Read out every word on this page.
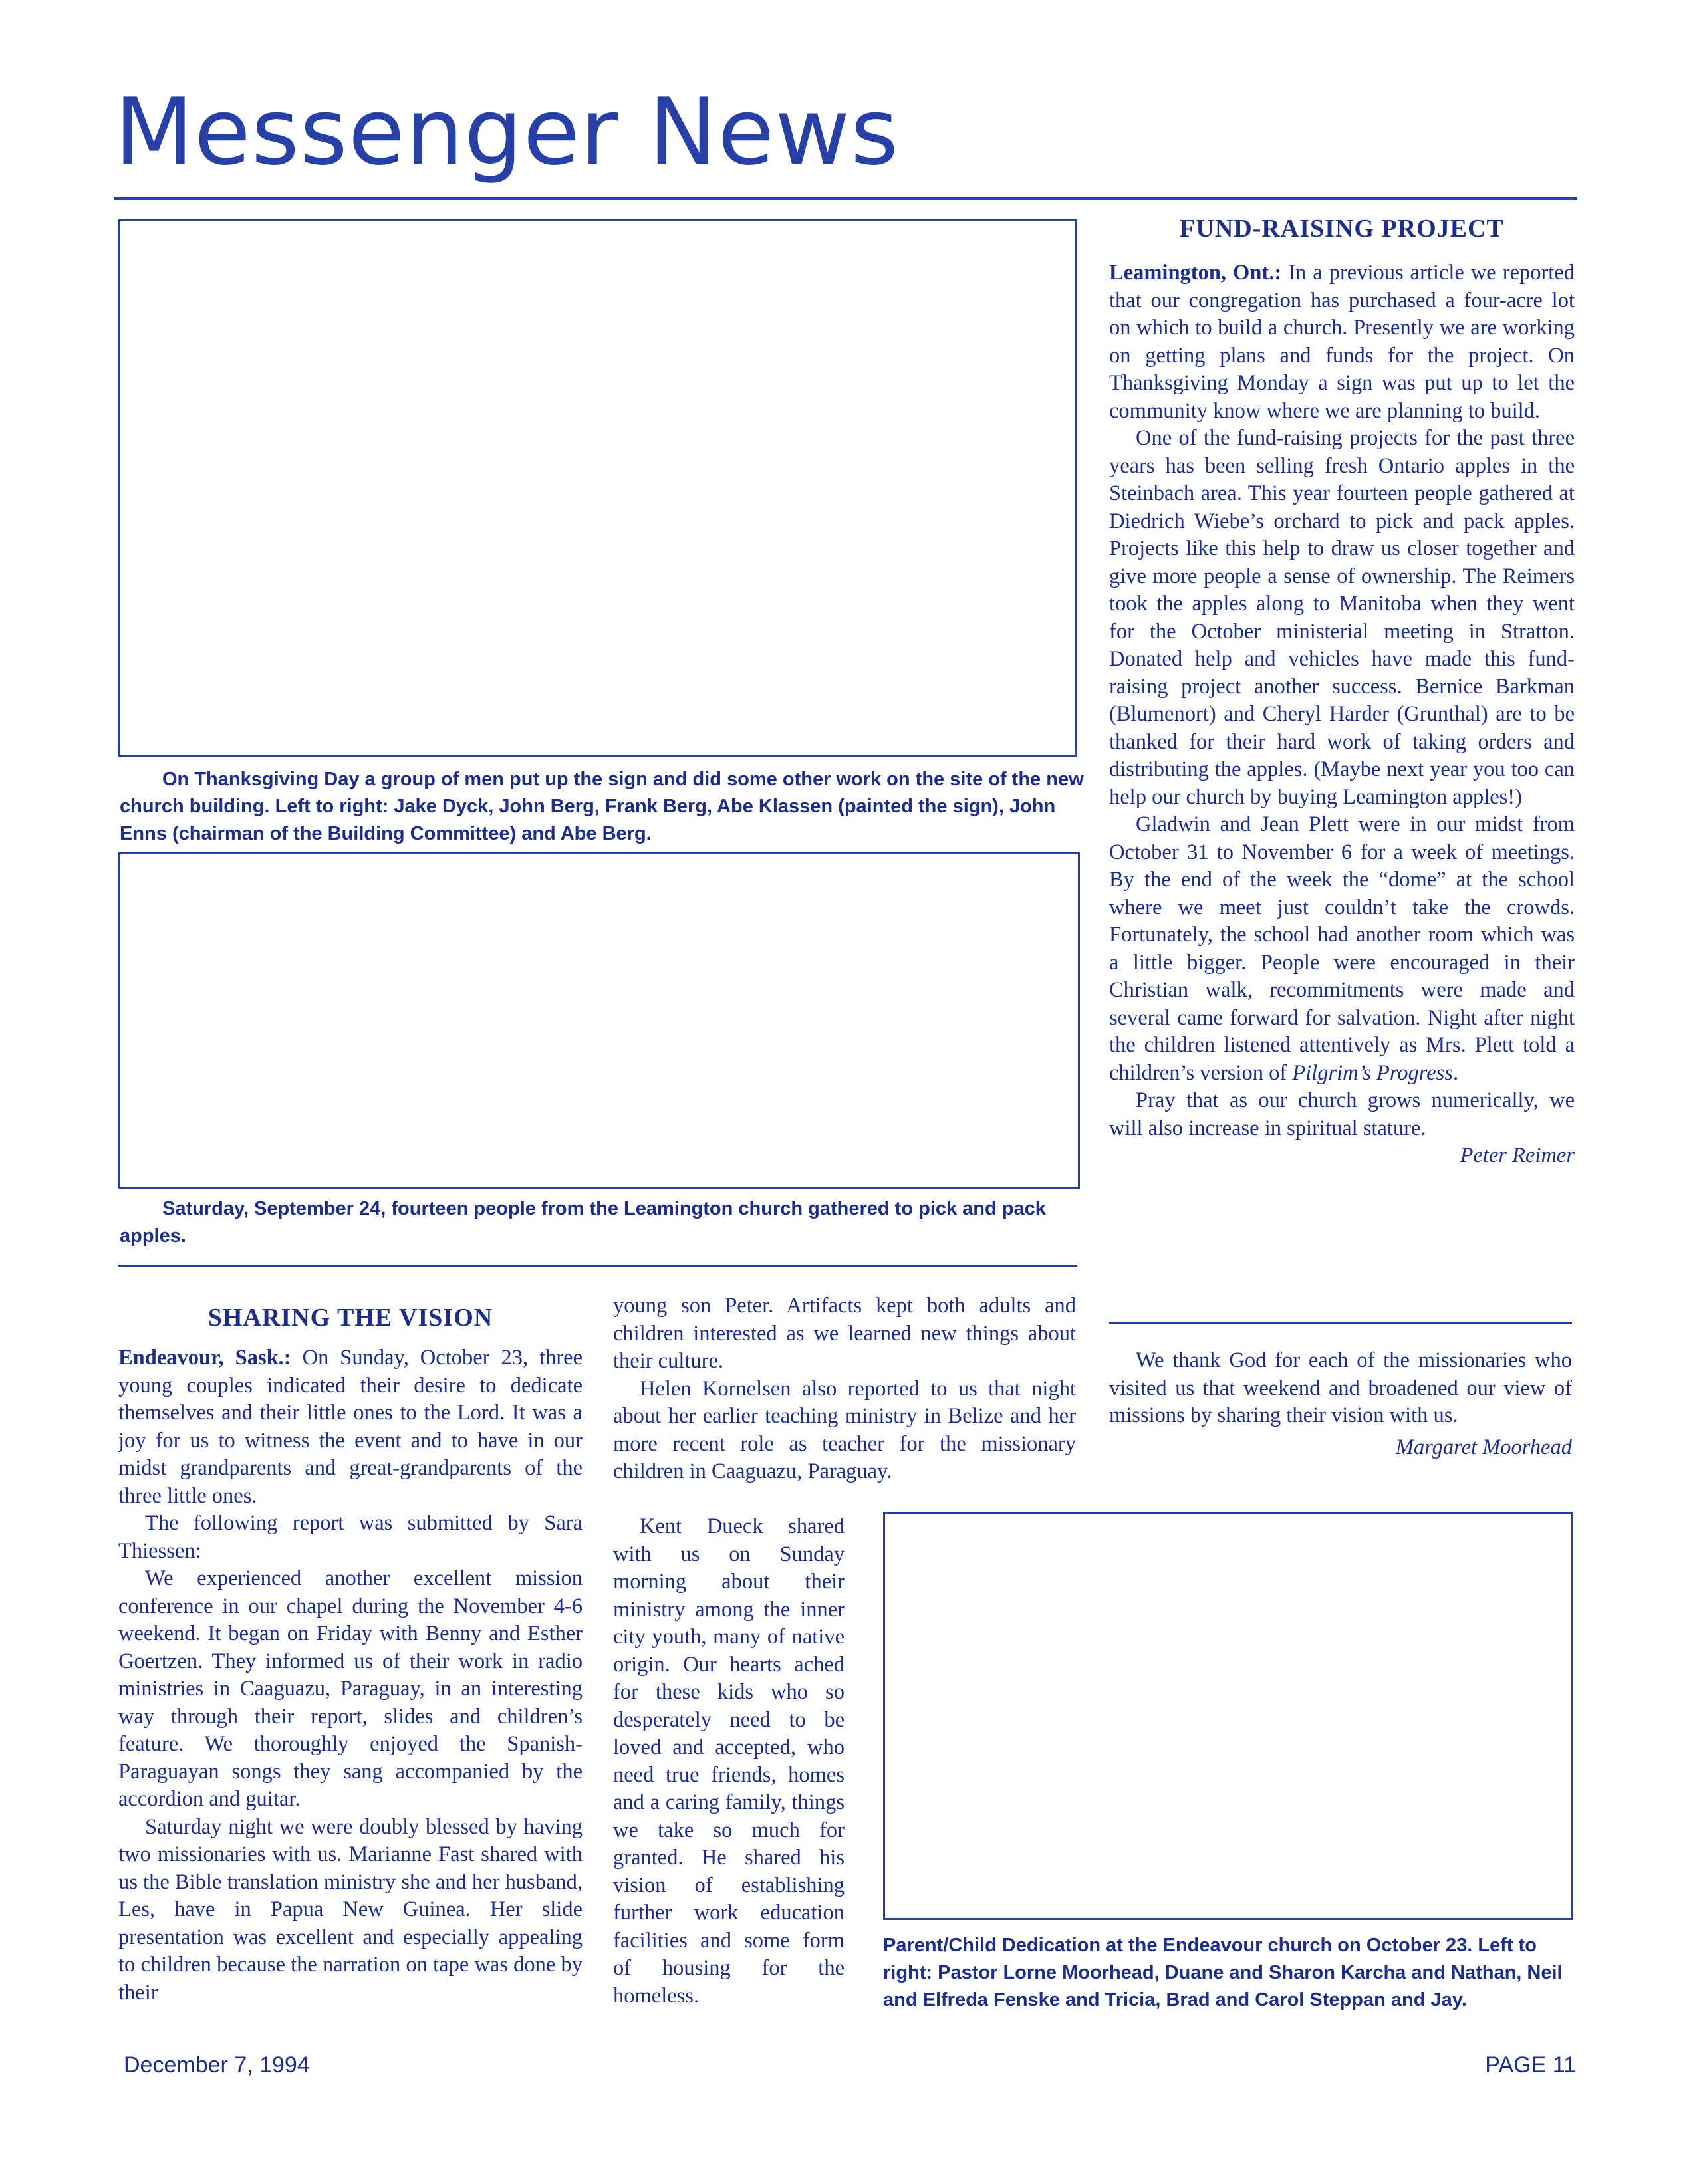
Messenger News

On Thanksgiving Day a group of men put up the sign and did some other work on the site of the new church building. Left to right: Jake Dyck, John Berg, Frank Berg, Abe Klassen (painted the sign), John Enns (chairman of the Building Committee) and Abe Berg.

Saturday, September 24, fourteen people from the Leamington church gathered to pick and pack apples.

FUND-RAISING PROJECT

Leamington, Ont.: In a previous article we reported that our congregation has purchased a four-acre lot on which to build a church. Presently we are working on getting plans and funds for the project. On Thanksgiving Monday a sign was put up to let the community know where we are planning to build.

One of the fund-raising projects for the past three years has been selling fresh Ontario apples in the Steinbach area. This year fourteen people gathered at Diedrich Wiebe’s orchard to pick and pack apples. Projects like this help to draw us closer together and give more people a sense of ownership. The Reimers took the apples along to Manitoba when they went for the October ministerial meeting in Stratton. Donated help and vehicles have made this fund-raising project another success. Bernice Barkman (Blumenort) and Cheryl Harder (Grunthal) are to be thanked for their hard work of taking orders and distributing the apples. (Maybe next year you too can help our church by buying Leamington apples!)

Gladwin and Jean Plett were in our midst from October 31 to November 6 for a week of meetings. By the end of the week the “dome” at the school where we meet just couldn’t take the crowds. Fortunately, the school had another room which was a little bigger. People were encouraged in their Christian walk, recommitments were made and several came forward for salvation. Night after night the children listened attentively as Mrs. Plett told a children’s version of Pilgrim’s Progress.

Pray that as our church grows numerically, we will also increase in spiritual stature.

Peter Reimer

SHARING THE VISION

Endeavour, Sask.: On Sunday, October 23, three young couples indicated their desire to dedicate themselves and their little ones to the Lord. It was a joy for us to witness the event and to have in our midst grandparents and great-grandparents of the three little ones.

The following report was submitted by Sara Thiessen:

We experienced another excellent mission conference in our chapel during the November 4-6 weekend. It began on Friday with Benny and Esther Goertzen. They informed us of their work in radio ministries in Caaguazu, Paraguay, in an interesting way through their report, slides and children’s feature. We thoroughly enjoyed the Spanish-Paraguayan songs they sang accompanied by the accordion and guitar.

Saturday night we were doubly blessed by having two missionaries with us. Marianne Fast shared with us the Bible translation ministry she and her husband, Les, have in Papua New Guinea. Her slide presentation was excellent and especially appealing to children because the narration on tape was done by their

young son Peter. Artifacts kept both adults and children interested as we learned new things about their culture.

Helen Kornelsen also reported to us that night about her earlier teaching ministry in Belize and her more recent role as teacher for the missionary children in Caaguazu, Paraguay.

Kent Dueck shared with us on Sunday morning about their ministry among the inner city youth, many of native origin. Our hearts ached for these kids who so desperately need to be loved and accepted, who need true friends, homes and a caring family, things we take so much for granted. He shared his vision of establishing further work education facilities and some form of housing for the homeless.

We thank God for each of the missionaries who visited us that weekend and broadened our view of missions by sharing their vision with us.

Margaret Moorhead

Parent/Child Dedication at the Endeavour church on October 23. Left to right: Pastor Lorne Moorhead, Duane and Sharon Karcha and Nathan, Neil and Elfreda Fenske and Tricia, Brad and Carol Steppan and Jay.

December 7, 1994	PAGE 11
